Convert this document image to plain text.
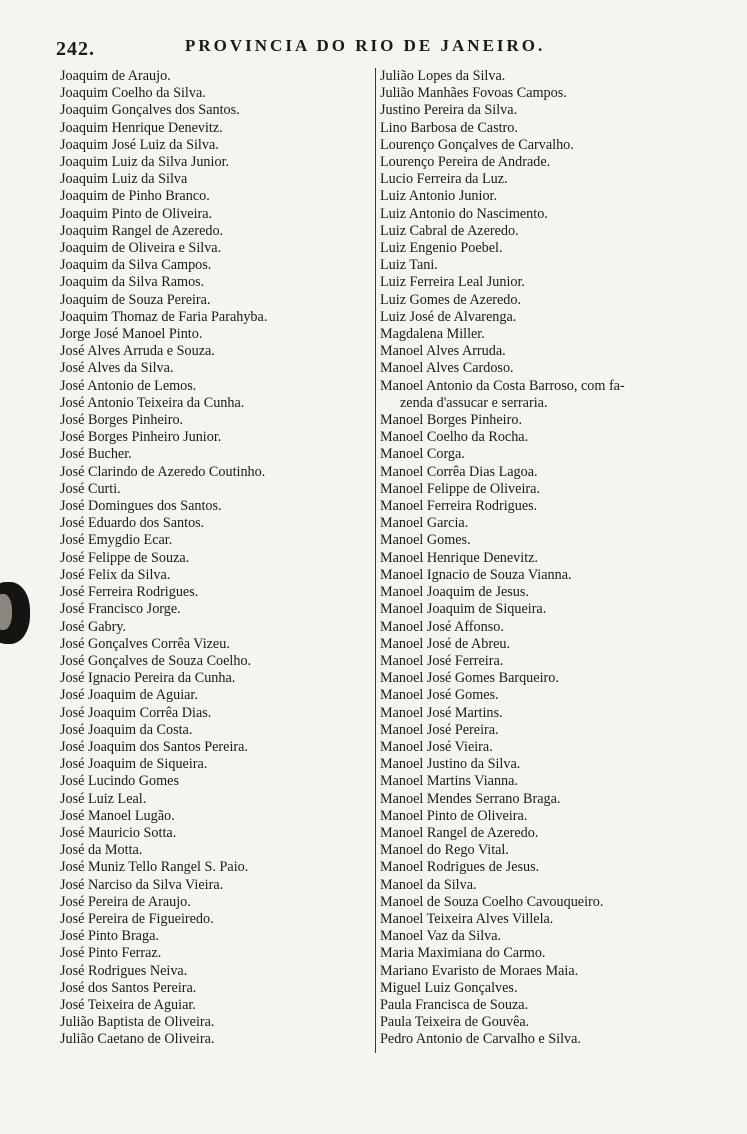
242.	PROVINCIA DO RIO DE JANEIRO.
Joaquim de Araujo.
Joaquim Coelho da Silva.
Joaquim Gonçalves dos Santos.
Joaquim Henrique Denevitz.
Joaquim José Luiz da Silva.
Joaquim Luiz da Silva Junior.
Joaquim Luiz da Silva
Joaquim de Pinho Branco.
Joaquim Pinto de Oliveira.
Joaquim Rangel de Azeredo.
Joaquim de Oliveira e Silva.
Joaquim da Silva Campos.
Joaquim da Silva Ramos.
Joaquim de Souza Pereira.
Joaquim Thomaz de Faria Parahyba.
Jorge José Manoel Pinto.
José Alves Arruda e Souza.
José Alves da Silva.
José Antonio de Lemos.
José Antonio Teixeira da Cunha.
José Borges Pinheiro.
José Borges Pinheiro Junior.
José Bucher.
José Clarindo de Azeredo Coutinho.
José Curti.
José Domingues dos Santos.
José Eduardo dos Santos.
José Emygdio Ecar.
José Felippe de Souza.
José Felix da Silva.
José Ferreira Rodrigues.
José Francisco Jorge.
José Gabry.
José Gonçalves Corrêa Vizeu.
José Gonçalves de Souza Coelho.
José Ignacio Pereira da Cunha.
José Joaquim de Aguiar.
José Joaquim Corrêa Dias.
José Joaquim da Costa.
José Joaquim dos Santos Pereira.
José Joaquim de Siqueira.
José Lucindo Gomes
José Luiz Leal.
José Manoel Lugão.
José Mauricio Sotta.
José da Motta.
José Muniz Tello Rangel S. Paio.
José Narciso da Silva Vieira.
José Pereira de Araujo.
José Pereira de Figueiredo.
José Pinto Braga.
José Pinto Ferraz.
José Rodrigues Neiva.
José dos Santos Pereira.
José Teixeira de Aguiar.
Julião Baptista de Oliveira.
Julião Caetano de Oliveira.
Julião Lopes da Silva.
Julião Manhães Fovoas Campos.
Justino Pereira da Silva.
Lino Barbosa de Castro.
Lourenço Gonçalves de Carvalho.
Lourenço Pereira de Andrade.
Lucio Ferreira da Luz.
Luiz Antonio Junior.
Luiz Antonio do Nascimento.
Luiz Cabral de Azeredo.
Luiz Engenio Poebel.
Luiz Tani.
Luiz Ferreira Leal Junior.
Luiz Gomes de Azeredo.
Luiz José de Alvarenga.
Magdalena Miller.
Manoel Alves Arruda.
Manoel Alves Cardoso.
Manoel Antonio da Costa Barroso, com fa-
zenda d'assucar e serraria.
Manoel Borges Pinheiro.
Manoel Coelho da Rocha.
Manoel Corga.
Manoel Corrêa Dias Lagoa.
Manoel Felippe de Oliveira.
Manoel Ferreira Rodrigues.
Manoel Garcia.
Manoel Gomes.
Manoel Henrique Denevitz.
Manoel Ignacio de Souza Vianna.
Manoel Joaquim de Jesus.
Manoel Joaquim de Siqueira.
Manoel José Affonso.
Manoel José de Abreu.
Manoel José Ferreira.
Manoel José Gomes Barqueiro.
Manoel José Gomes.
Manoel José Martins.
Manoel José Pereira.
Manoel José Vieira.
Manoel Justino da Silva.
Manoel Martins Vianna.
Manoel Mendes Serrano Braga.
Manoel Pinto de Oliveira.
Manoel Rangel de Azeredo.
Manoel do Rego Vital.
Manoel Rodrigues de Jesus.
Manoel da Silva.
Manoel de Souza Coelho Cavouqueiro.
Manoel Teixeira Alves Villela.
Manoel Vaz da Silva.
Maria Maximiana do Carmo.
Mariano Evaristo de Moraes Maia.
Miguel Luiz Gonçalves.
Paula Francisca de Souza.
Paula Teixeira de Gouvêa.
Pedro Antonio de Carvalho e Silva.
